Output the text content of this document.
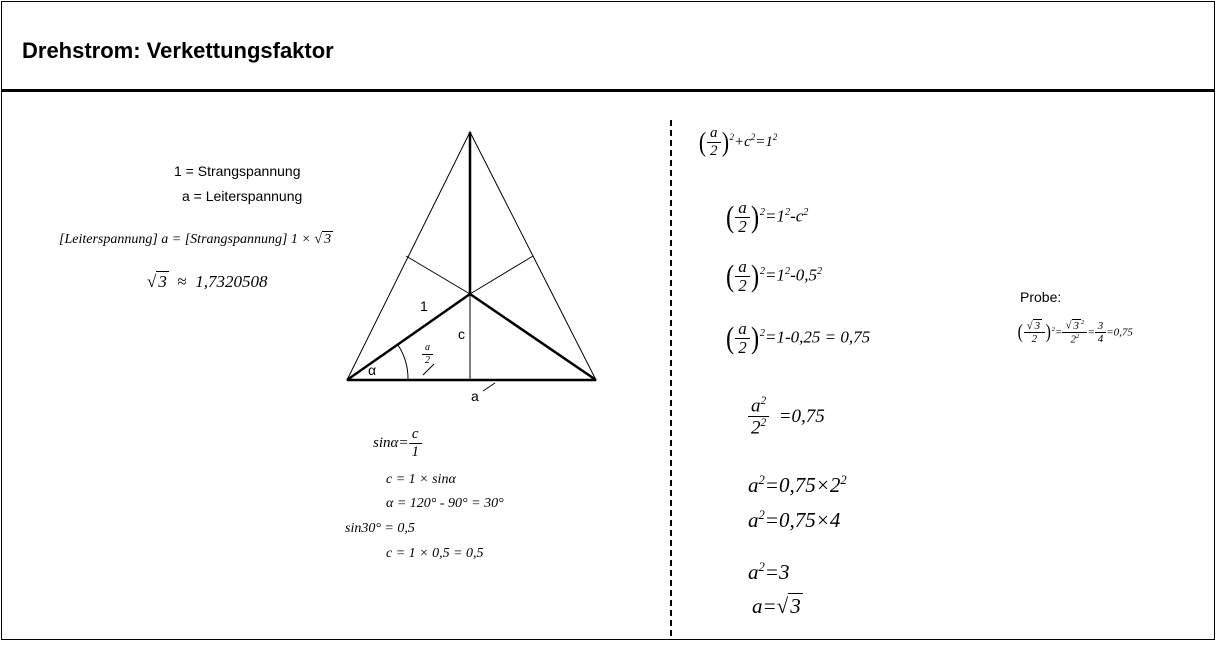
Drehstrom: Verkettungsfaktor
1 = Strangspannung
a = Leiterspannung
[Leiterspannung] a = [Strangspannung] 1 × √ 3
√ 3 ≈ 1,7320508
1
c
α
a
$\frac{a}{2}$
$\sin\alpha= \frac{c}{1}$
c = 1 × sinα
α = 120° - 90° = 30°
sin30° = 0,5
c = 1 × 0,5 = 0,5
( $\frac{a}{2} )^2+c^2=1^2$
( $\frac{a}{2} )^2=1^2-c^2$
( $\frac{a}{2} )^2=1^2-0,5^2$
( $\frac{a}{2} )^2=1-0,25 = 0,75$
$\frac{a^2}{2^2} =0,75$
$a^2=0,75\times 2^2$
$a^2=0,75\times 4$
$a^2=3$
a=√3
Probe:
( $\frac{√ 3}{2} )^2= \frac{√ 3 ^2}{2^2} = \frac{3}{4} =0,75$
